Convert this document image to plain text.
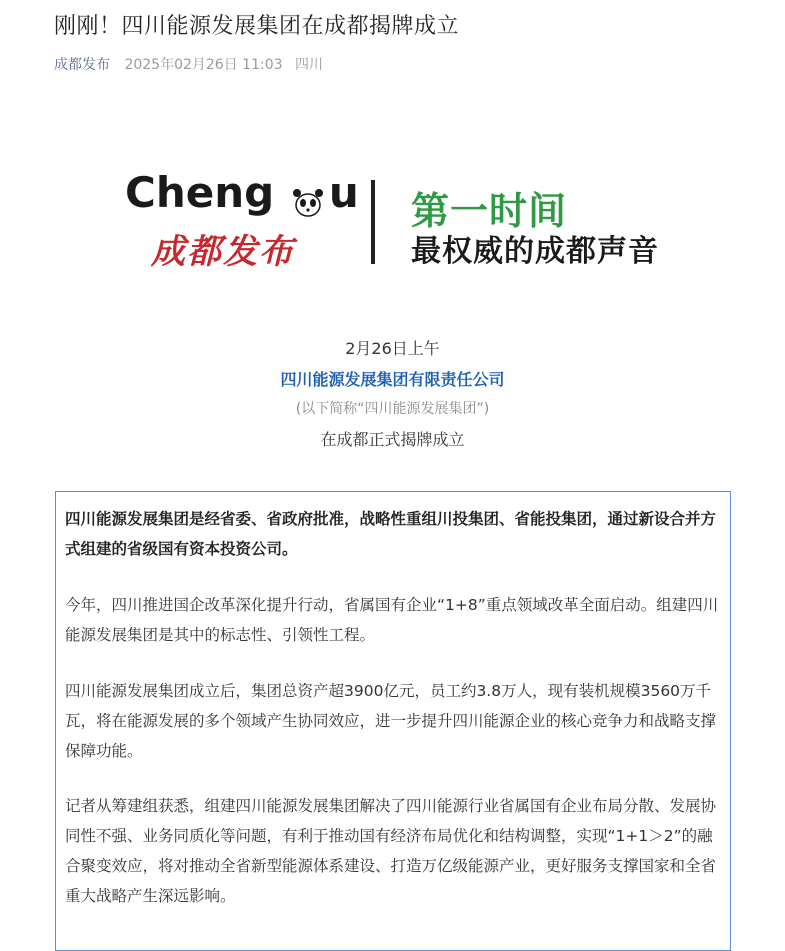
刚刚！四川能源发展集团在成都揭牌成立
成都发布 2025年02月26日 11:03 四川
Cheng u
成都发布
第一时间
最权威的成都声音
2月26日上午
四川能源发展集团有限责任公司
(以下简称“四川能源发展集团”)
在成都正式揭牌成立

四川能源发展集团是经省委、省政府批准，战略性重组川投集团、省能投集团，通过新设合并方式组建的省级国有资本投资公司。

今年，四川推进国企改革深化提升行动，省属国有企业“1+8”重点领域改革全面启动。组建四川能源发展集团是其中的标志性、引领性工程。

四川能源发展集团成立后，集团总资产超3900亿元，员工约3.8万人，现有装机规模3560万千瓦，将在能源发展的多个领域产生协同效应，进一步提升四川能源企业的核心竞争力和战略支撑保障功能。

记者从筹建组获悉，组建四川能源发展集团解决了四川能源行业省属国有企业布局分散、发展协同性不强、业务同质化等问题，有利于推动国有经济布局优化和结构调整，实现“1+1＞2”的融合聚变效应，将对推动全省新型能源体系建设、打造万亿级能源产业，更好服务支撑国家和全省重大战略产生深远影响。
